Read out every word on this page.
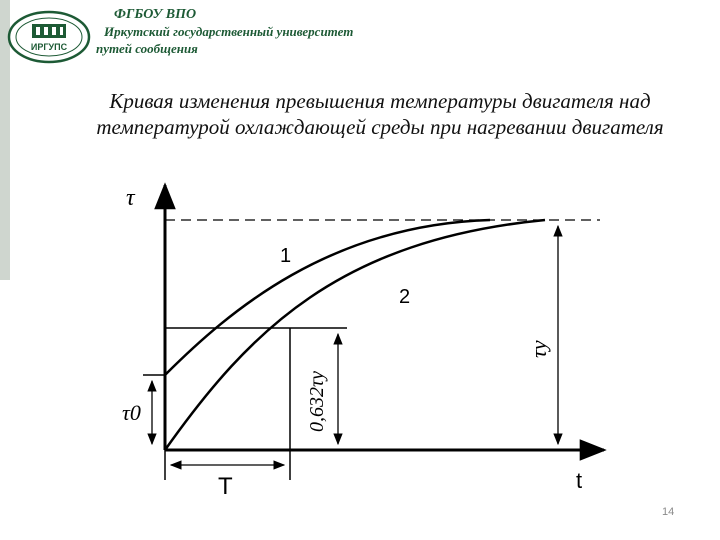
ИРГУПС
ФГБОУ ВПО
Иркутский государственный университет
путей сообщения
Кривая изменения превышения температуры двигателя над
температурой охлаждающей среды при нагревании двигателя
τ
t
1
2
τ0
T
0,632τу
τу
14
